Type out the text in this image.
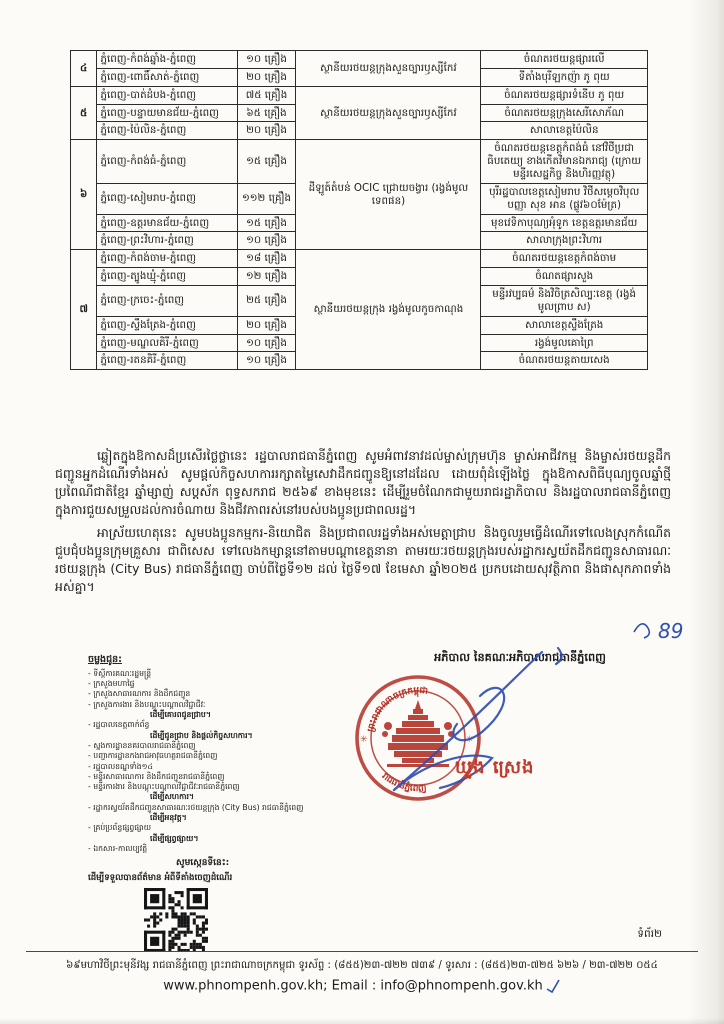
៤	ភ្នំពេញ-កំពង់ឆ្នាំង-ភ្នំពេញ	១០ គ្រឿង	ស្ថានីយរថយន្តក្រុងសួនច្បារឫស្សីកែវ	ចំណតរថយន្តផ្សារលើ
	ភ្នំពេញ-ពោធិ៍សាត់-ភ្នំពេញ	២០ គ្រឿង		ទីតាំងបុរីឡកញ៉ា ភូ ពុយ
៥	ភ្នំពេញ-បាត់ដំបង-ភ្នំពេញ	៧៥ គ្រឿង	ស្ថានីយរថយន្តក្រុងសួនច្បារឫស្សីកែវ	ចំណតរថយន្តផ្សារទំនើប ភូ ពុយ
	ភ្នំពេញ-បន្ទាយមានជ័យ-ភ្នំពេញ	៦៥ គ្រឿង		ចំណតរថយន្តក្រុងសេរីសោភ័ណ
	ភ្នំពេញ-ប៉ៃលិន-ភ្នំពេញ	២០ គ្រឿង		សាលាខេត្តប៉ៃលិន
៦	ភ្នំពេញ-កំពង់ធំ-ភ្នំពេញ	១៥ គ្រឿង	ដីឡូត៍តំបន់ OCIC ជ្រោយចង្វារ (រង្វង់មូលទេពផន)	ចំណតរថយន្តខេត្តកំពង់ធំ នៅវិថីប្រជាធិបតេយ្យ ខាងកើតវិមានឯករាជ្យ (ក្រោយមន្ទីរសេដ្ឋកិច្ច និងហិរញ្ញវត្ថុ)
	ភ្នំពេញ-សៀមរាប-ភ្នំពេញ	១១២ គ្រឿង		បុរីរដ្ឋបាលខេត្តសៀមរាប វិថីសម្តេចវិបុលបញ្ញា សុខ អាន (ផ្លូវ៦០ម៉ែត្រ)
	ភ្នំពេញ-ឧត្តរមានជ័យ-ភ្នំពេញ	១៥ គ្រឿង		មុខវេទិកាបុណ្យអុំទូក ខេត្តឧត្តរមានជ័យ
	ភ្នំពេញ-ព្រះវិហារ-ភ្នំពេញ	១០ គ្រឿង		សាលាក្រុងព្រះវិហារ
៧	ភ្នំពេញ-កំពង់ចាម-ភ្នំពេញ	១៨ គ្រឿង	ស្ថានីយរថយន្តក្រុង រង្វង់មូលកូចកាណុង	ចំណតរថយន្តខេត្តកំពង់ចាម
	ភ្នំពេញ-ត្បូងឃ្មុំ-ភ្នំពេញ	១២ គ្រឿង		ចំណតផ្សារសួង
	ភ្នំពេញ-ក្រចេះ-ភ្នំពេញ	២៥ គ្រឿង		មន្ទីរវប្បធម៌ និងវិចិត្រសិល្បៈខេត្ត (រង្វង់មូលព្រាប ស)
	ភ្នំពេញ-ស្ទឹងត្រែង-ភ្នំពេញ	២០ គ្រឿង		សាលាខេត្តស្ទឹងត្រែង
	ភ្នំពេញ-មណ្ឌលគិរី-ភ្នំពេញ	១០ គ្រឿង		រង្វង់មូលគោព្រៃ
	ភ្នំពេញ-រតនគិរី-ភ្នំពេញ	១០ គ្រឿង		ចំណតរថយន្តតាយសេង

ឆ្លៀតក្នុងឱកាសដ៏ប្រសើរថ្លៃថ្លានេះ រដ្ឋបាលរាជធានីភ្នំពេញ សូមអំពាវនាវដល់ម្ចាស់ក្រុមហ៊ុន ម្ចាស់អាជីវកម្ម និងម្ចាស់រថយន្តដឹកជញ្ជូនអ្នកដំណើរទាំងអស់ សូមផ្តល់កិច្ចសហការរក្សាតម្លៃសេវាដឹកជញ្ជូនឱ្យនៅដដែល ដោយពុំដំឡើងថ្លៃ ក្នុងឱកាសពិធីបុណ្យចូលឆ្នាំថ្មី ប្រពៃណីជាតិខ្មែរ ឆ្នាំម្សាញ់ សប្តស័ក ពុទ្ធសករាជ ២៥៦៩ ខាងមុខនេះ ដើម្បីរួមចំណែកជាមួយរាជរដ្ឋាភិបាល និងរដ្ឋបាលរាជធានីភ្នំពេញ ក្នុងការជួយសម្រួលដល់ការចំណាយ និងជីវភាពរស់នៅរបស់បងប្អូនប្រជាពលរដ្ឋ។

អាស្រ័យហេតុនេះ សូមបងប្អូនកម្មករ-និយោជិត និងប្រជាពលរដ្ឋទាំងអស់មេត្តាជ្រាប និងចូលរួមធ្វើដំណើរទៅលេងស្រុកកំណើត ជួបជុំបងប្អូនក្រុមគ្រួសារ ជាពិសេស ទៅលេងកម្សាន្តនៅតាមបណ្តាខេត្តនានា តាមរយៈរថយន្តក្រុងរបស់រដ្ឋាករស្វយ័តដឹកជញ្ជូនសាធារណៈរថយន្តក្រុង (City Bus) រាជធានីភ្នំពេញ ចាប់ពីថ្ងៃទី១២ ដល់ ថ្ងៃទី១៧ ខែមេសា ឆ្នាំ២០២៥ ប្រកបដោយសុវត្ថិភាព និងផាសុកភាពទាំងអស់គ្នា។

89
ចម្លងជូន:
- ទីស្តីការគណៈរដ្ឋមន្ត្រី
- ក្រសួងមហាផ្ទៃ
- ក្រសួងសាធារណការ និងដឹកជញ្ជូន
- ក្រសួងការងារ និងបណ្តុះបណ្តាលវិជ្ជាជីវៈ
ដើម្បីគោរពជូនជ្រាប។
- រដ្ឋបាលខេត្តពាក់ព័ន្ធ
ដើម្បីជូនជ្រាប និងផ្តល់កិច្ចសហការ។
- ស្នងការដ្ឋាននគរបាលរាជធានីភ្នំពេញ
- បញ្ជាការដ្ឋានកងរាជអាវុធហត្ថរាជធានីភ្នំពេញ
- រដ្ឋបាលខណ្ឌទាំង១៤
- មន្ទីរសាធារណការ និងដឹកជញ្ជូនរាជធានីភ្នំពេញ
- មន្ទីរការងារ និងបណ្តុះបណ្តាលវិជ្ជាជីវៈរាជធានីភ្នំពេញ
ដើម្បីសហការ។
- រដ្ឋាករស្វយ័តដឹកជញ្ជូនសាធារណៈរថយន្តក្រុង (City Bus) រាជធានីភ្នំពេញ
ដើម្បីអនុវត្ត។
- គ្រប់ប្រព័ន្ធផ្សព្វផ្សាយ
ដើម្បីផ្សព្វផ្សាយ។
- ឯកសារ-កាលប្បវត្តិ
សូមស្កេនទីនេះ:
ដើម្បីទទួលបានព័ត៌មាន អំពីទីតាំងចេញដំណើរ
អភិបាល នៃគណៈអភិបាលរាជធានីភ្នំពេញ
ព្រះរាជាណាចក្រកម្ពុជា
រាជធានីភ្នំពេញ
✳	✳
ឃួង ស្រេង
ទំព័រ២
៦៩មហាវិថីព្រះមុនីវង្ស រាជធានីភ្នំពេញ ព្រះរាជាណាចក្រកម្ពុជា ទូរស័ព្ទ : (៨៥៥)២៣-៧២២ ៧៣៩ / ទូរសារ : (៨៥៥)២៣-៧២៥ ៦២៦ / ២៣-៧២២ ០៥៤
www.phnompenh.gov.kh; Email : info@phnompenh.gov.kh
